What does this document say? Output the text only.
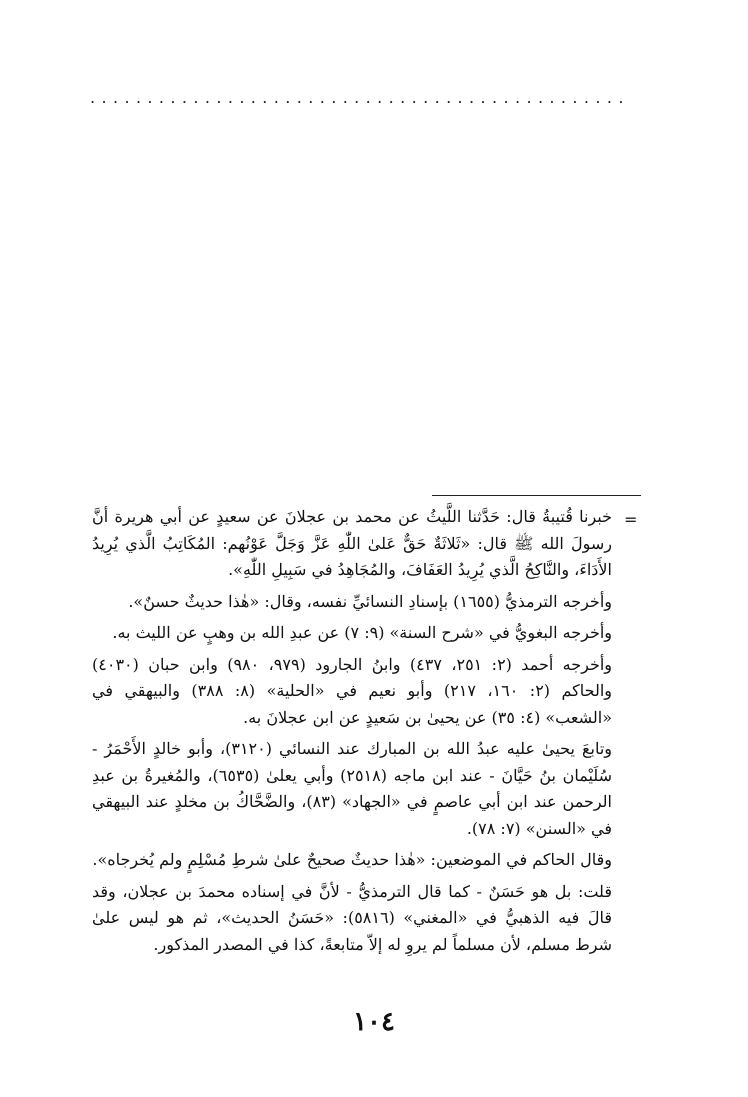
...............................................
=

خبرنا قُتيبةُ قال: حَدَّثنا اللَّيثُ عن محمد بن عجلانَ عن سعيدٍ عن أبي هريرة أنَّ رسولَ الله ﷺ قال: «ثَلاثَةٌ حَقٌّ عَلىٰ اللّٰهِ عَزَّ وَجَلَّ عَوْنُهم: المُكَاتِبُ الَّذي يُرِيدُ الأَدَاءَ، والنَّاكِحُ الَّذي يُرِيدُ العَفَافَ، والمُجَاهِدُ في سَبِيلِ اللّٰهِ».

وأخرجه الترمذيُّ (١٦٥٥) بإسنادِ النسائيِّ نفسه، وقال: «هٰذا حديثٌ حسنٌ».

وأخرجه البغويُّ في «شرح السنة» (٩: ٧) عن عبدِ الله بن وهبٍ عن الليث به.

وأخرجه أحمد (٢: ٢٥١، ٤٣٧) وابنُ الجارود (٩٧٩، ٩٨٠) وابن حبان (٤٠٣٠) والحاكم (٢: ١٦٠، ٢١٧) وأبو نعيم في «الحلية» (٨: ٣٨٨) والبيهقي في «الشعب» (٤: ٣٥) عن يحيىٰ بن سَعيدٍ عن ابن عجلانَ به.

وتابعَ يحيىٰ عليه عبدُ الله بن المبارك عند النسائي (٣١٢٠)، وأبو خالدٍ الأَحْمَرُ - سُلَيْمان بنُ حَيَّانَ - عند ابن ماجه (٢٥١٨) وأبي يعلىٰ (٦٥٣٥)، والمُغيرةُ بن عبدِ الرحمن عند ابن أبي عاصمٍ في «الجهاد» (٨٣)، والضَّحَّاكُ بن مخلدٍ عند البيهقي في «السنن» (٧: ٧٨).

وقال الحاكم في الموضعين: «هٰذا حديثٌ صحيحٌ علىٰ شرطِ مُسْلِمٍ ولم يُخرجاه».

قلت: بل هو حَسَنٌ - كما قال الترمذيُّ - لأنَّ في إسناده محمدَ بن عجلان، وقد قالَ فيه الذهبيُّ في «المغني» (٥٨١٦): «حَسَنُ الحديث»، ثم هو ليس علىٰ شرط مسلم، لأن مسلماً لم يروِ له إلاّ متابعةً، كذا في المصدر المذكور.

١٠٤
